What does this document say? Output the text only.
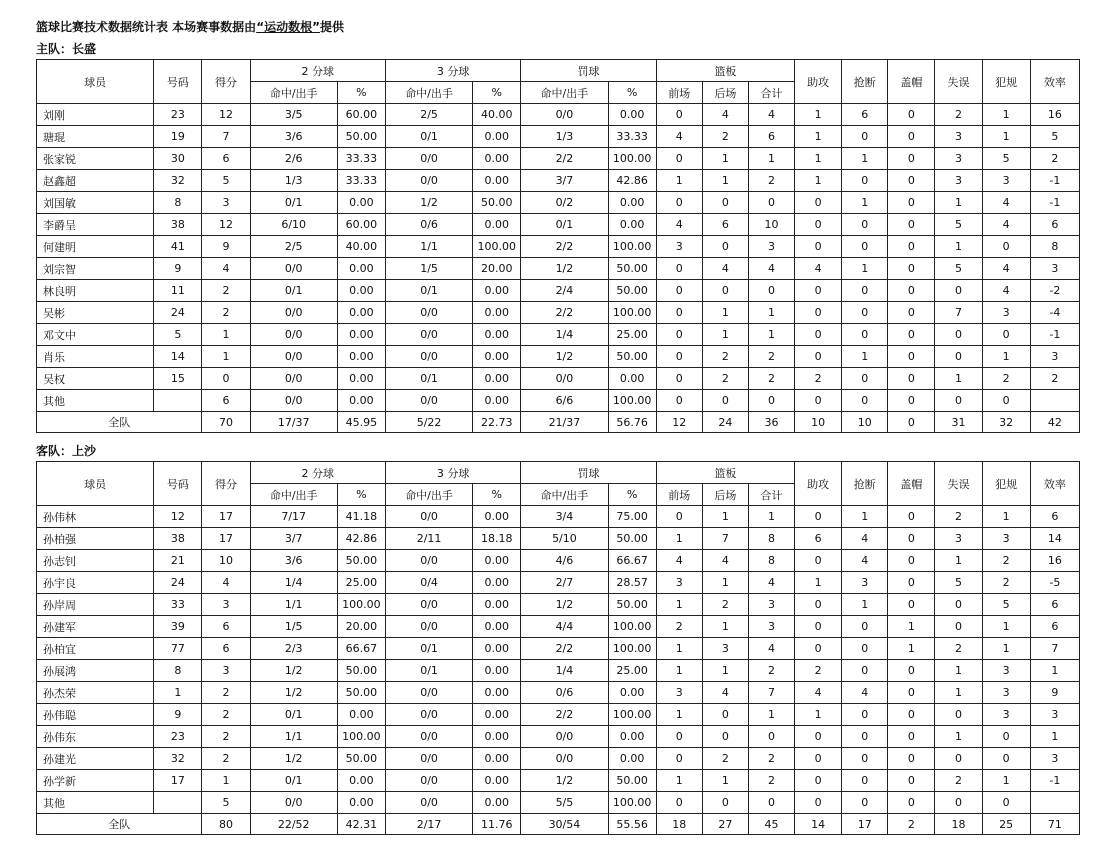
篮球比赛技术数据统计表 本场赛事数据由“运动数根”提供
主队：长盛
球员	号码	得分	2 分球		3 分球		罚球		篮板			助攻	抢断	盖帽	失误	犯规	效率
			命中/出手	%	命中/出手	%	命中/出手	%	前场	后场	合计						
刘刚	23	12	3/5	60.00	2/5	40.00	0/0	0.00	0	4	4	1	6	0	2	1	16
瑭琨	19	7	3/6	50.00	0/1	0.00	1/3	33.33	4	2	6	1	0	0	3	1	5
张家锐	30	6	2/6	33.33	0/0	0.00	2/2	100.00	0	1	1	1	1	0	3	5	2
赵鑫超	32	5	1/3	33.33	0/0	0.00	3/7	42.86	1	1	2	1	0	0	3	3	-1
刘国敏	8	3	0/1	0.00	1/2	50.00	0/2	0.00	0	0	0	0	1	0	1	4	-1
李爵呈	38	12	6/10	60.00	0/6	0.00	0/1	0.00	4	6	10	0	0	0	5	4	6
何建明	41	9	2/5	40.00	1/1	100.00	2/2	100.00	3	0	3	0	0	0	1	0	8
刘宗智	9	4	0/0	0.00	1/5	20.00	1/2	50.00	0	4	4	4	1	0	5	4	3
林良明	11	2	0/1	0.00	0/1	0.00	2/4	50.00	0	0	0	0	0	0	0	4	-2
吴彬	24	2	0/0	0.00	0/0	0.00	2/2	100.00	0	1	1	0	0	0	7	3	-4
邓文中	5	1	0/0	0.00	0/0	0.00	1/4	25.00	0	1	1	0	0	0	0	0	-1
肖乐	14	1	0/0	0.00	0/0	0.00	1/2	50.00	0	2	2	0	1	0	0	1	3
吴权	15	0	0/0	0.00	0/1	0.00	0/0	0.00	0	2	2	2	0	0	1	2	2
其他		6	0/0	0.00	0/0	0.00	6/6	100.00	0	0	0	0	0	0	0	0	
全队		70	17/37	45.95	5/22	22.73	21/37	56.76	12	24	36	10	10	0	31	32	42
客队：上沙
球员	号码	得分	2 分球		3 分球		罚球		篮板			助攻	抢断	盖帽	失误	犯规	效率
			命中/出手	%	命中/出手	%	命中/出手	%	前场	后场	合计						
孙伟林	12	17	7/17	41.18	0/0	0.00	3/4	75.00	0	1	1	0	1	0	2	1	6
孙柏强	38	17	3/7	42.86	2/11	18.18	5/10	50.00	1	7	8	6	4	0	3	3	14
孙志钊	21	10	3/6	50.00	0/0	0.00	4/6	66.67	4	4	8	0	4	0	1	2	16
孙宇良	24	4	1/4	25.00	0/4	0.00	2/7	28.57	3	1	4	1	3	0	5	2	-5
孙岸周	33	3	1/1	100.00	0/0	0.00	1/2	50.00	1	2	3	0	1	0	0	5	6
孙建军	39	6	1/5	20.00	0/0	0.00	4/4	100.00	2	1	3	0	0	1	0	1	6
孙柏宜	77	6	2/3	66.67	0/1	0.00	2/2	100.00	1	3	4	0	0	1	2	1	7
孙展鸿	8	3	1/2	50.00	0/1	0.00	1/4	25.00	1	1	2	2	0	0	1	3	1
孙杰荣	1	2	1/2	50.00	0/0	0.00	0/6	0.00	3	4	7	4	4	0	1	3	9
孙伟聪	9	2	0/1	0.00	0/0	0.00	2/2	100.00	1	0	1	1	0	0	0	3	3
孙伟东	23	2	1/1	100.00	0/0	0.00	0/0	0.00	0	0	0	0	0	0	1	0	1
孙建光	32	2	1/2	50.00	0/0	0.00	0/0	0.00	0	2	2	0	0	0	0	0	3
孙学新	17	1	0/1	0.00	0/0	0.00	1/2	50.00	1	1	2	0	0	0	2	1	-1
其他		5	0/0	0.00	0/0	0.00	5/5	100.00	0	0	0	0	0	0	0	0	
全队		80	22/52	42.31	2/17	11.76	30/54	55.56	18	27	45	14	17	2	18	25	71
